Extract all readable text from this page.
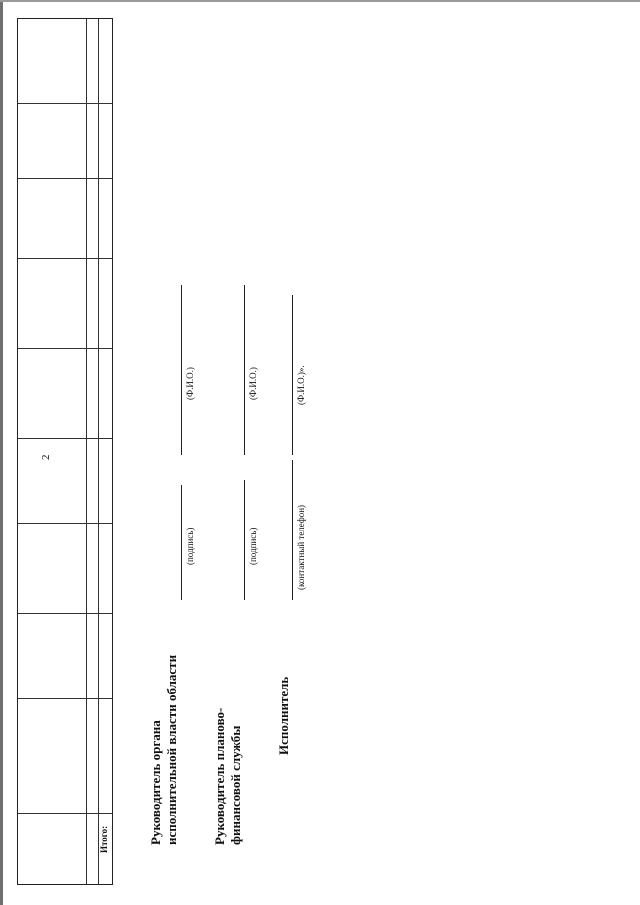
2
Итого:	Руководитель органа исполнительной власти области
(подпись)
(Ф.И.О.)
Руководитель планово- финансовой службы
(подпись)
(Ф.И.О.)
Исполнитель
(контактный телефон)
(Ф.И.О.)».
